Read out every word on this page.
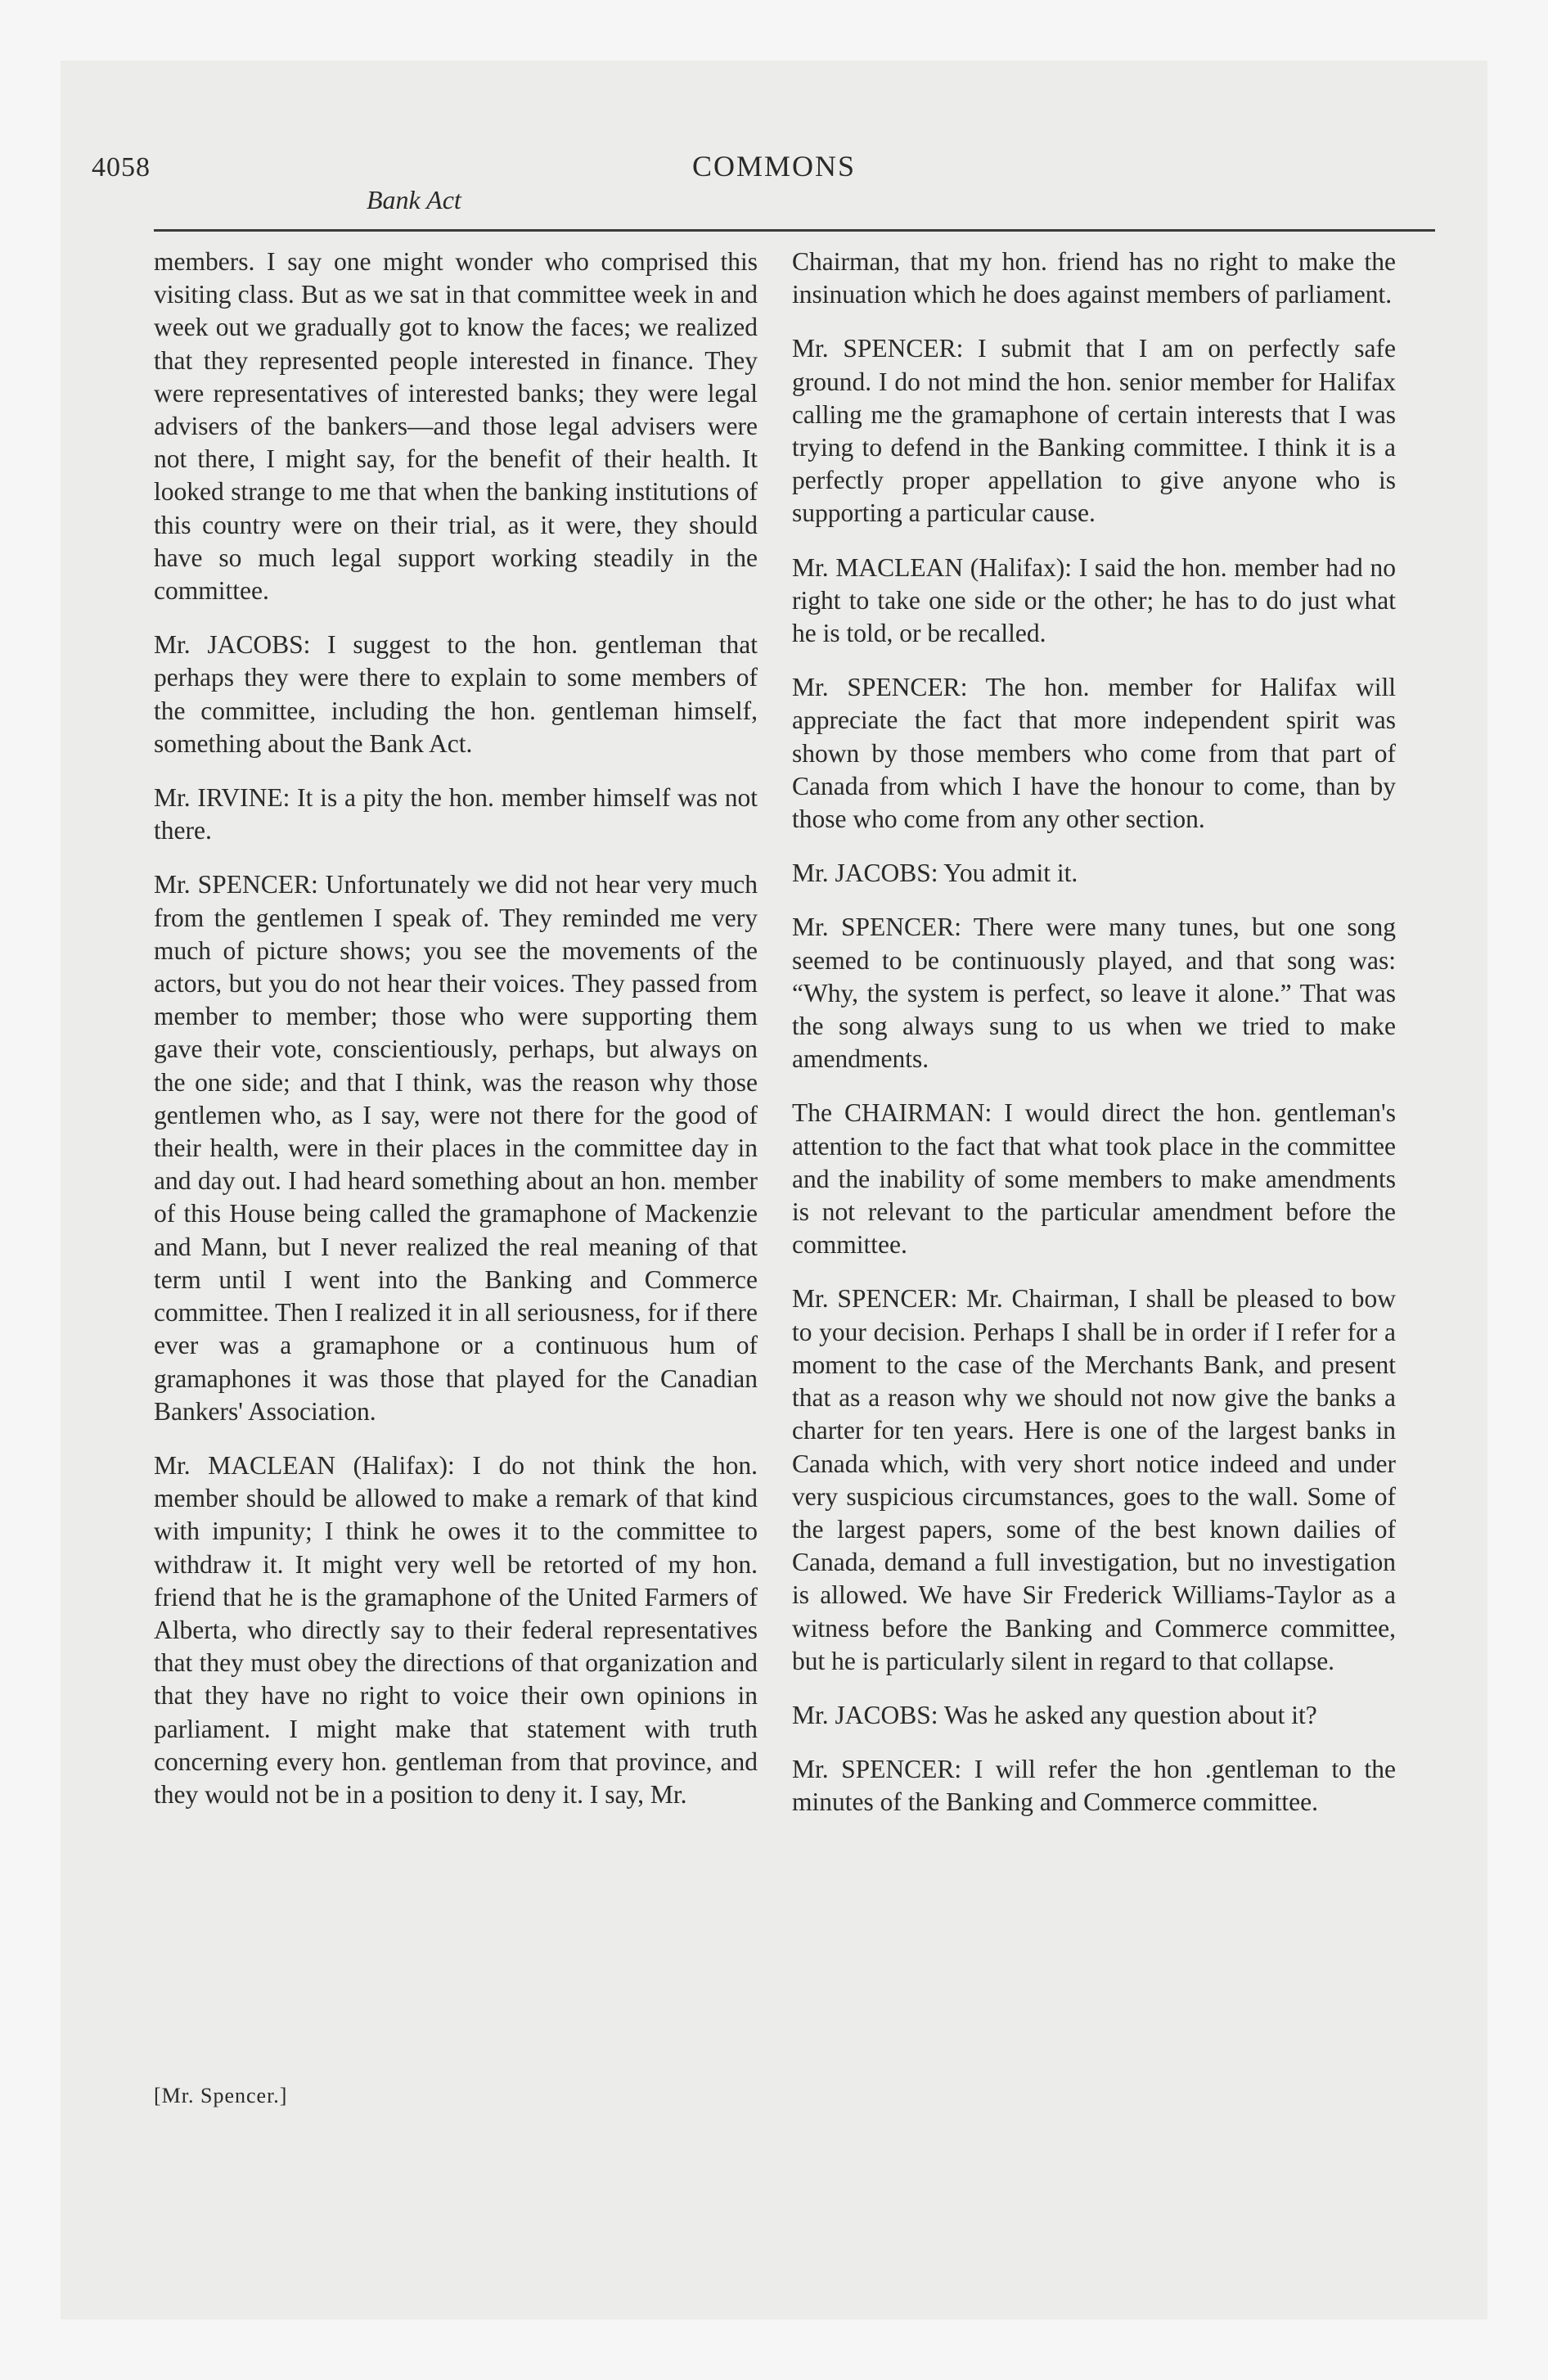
4058	COMMONS
Bank Act

members. I say one might wonder who comprised this visiting class. But as we sat in that committee week in and week out we gradually got to know the faces; we realized that they represented people interested in finance. They were representatives of interested banks; they were legal advisers of the bankers—and those legal advisers were not there, I might say, for the benefit of their health. It looked strange to me that when the banking institutions of this country were on their trial, as it were, they should have so much legal support working steadily in the committee.

Mr. JACOBS: I suggest to the hon. gentleman that perhaps they were there to explain to some members of the committee, including the hon. gentleman himself, something about the Bank Act.

Mr. IRVINE: It is a pity the hon. member himself was not there.

Mr. SPENCER: Unfortunately we did not hear very much from the gentlemen I speak of. They reminded me very much of picture shows; you see the movements of the actors, but you do not hear their voices. They passed from member to member; those who were supporting them gave their vote, conscientiously, perhaps, but always on the one side; and that I think, was the reason why those gentlemen who, as I say, were not there for the good of their health, were in their places in the committee day in and day out. I had heard something about an hon. member of this House being called the gramaphone of Mackenzie and Mann, but I never realized the real meaning of that term until I went into the Banking and Commerce committee. Then I realized it in all seriousness, for if there ever was a gramaphone or a continuous hum of gramaphones it was those that played for the Canadian Bankers' Association.

Mr. MACLEAN (Halifax): I do not think the hon. member should be allowed to make a remark of that kind with impunity; I think he owes it to the committee to withdraw it. It might very well be retorted of my hon. friend that he is the gramaphone of the United Farmers of Alberta, who directly say to their federal representatives that they must obey the directions of that organization and that they have no right to voice their own opinions in parliament. I might make that statement with truth concerning every hon. gentleman from that province, and they would not be in a position to deny it. I say, Mr.

Chairman, that my hon. friend has no right to make the insinuation which he does against members of parliament.

Mr. SPENCER: I submit that I am on perfectly safe ground. I do not mind the hon. senior member for Halifax calling me the gramaphone of certain interests that I was trying to defend in the Banking committee. I think it is a perfectly proper appellation to give anyone who is supporting a particular cause.

Mr. MACLEAN (Halifax): I said the hon. member had no right to take one side or the other; he has to do just what he is told, or be recalled.

Mr. SPENCER: The hon. member for Halifax will appreciate the fact that more independent spirit was shown by those members who come from that part of Canada from which I have the honour to come, than by those who come from any other section.

Mr. JACOBS: You admit it.

Mr. SPENCER: There were many tunes, but one song seemed to be continuously played, and that song was: “Why, the system is perfect, so leave it alone.” That was the song always sung to us when we tried to make amendments.

The CHAIRMAN: I would direct the hon. gentleman's attention to the fact that what took place in the committee and the inability of some members to make amendments is not relevant to the particular amendment before the committee.

Mr. SPENCER: Mr. Chairman, I shall be pleased to bow to your decision. Perhaps I shall be in order if I refer for a moment to the case of the Merchants Bank, and present that as a reason why we should not now give the banks a charter for ten years. Here is one of the largest banks in Canada which, with very short notice indeed and under very suspicious circumstances, goes to the wall. Some of the largest papers, some of the best known dailies of Canada, demand a full investigation, but no investigation is allowed. We have Sir Frederick Williams-Taylor as a witness before the Banking and Commerce committee, but he is particularly silent in regard to that collapse.

Mr. JACOBS: Was he asked any question about it?

Mr. SPENCER: I will refer the hon .gentleman to the minutes of the Banking and Commerce committee.

[Mr. Spencer.]
